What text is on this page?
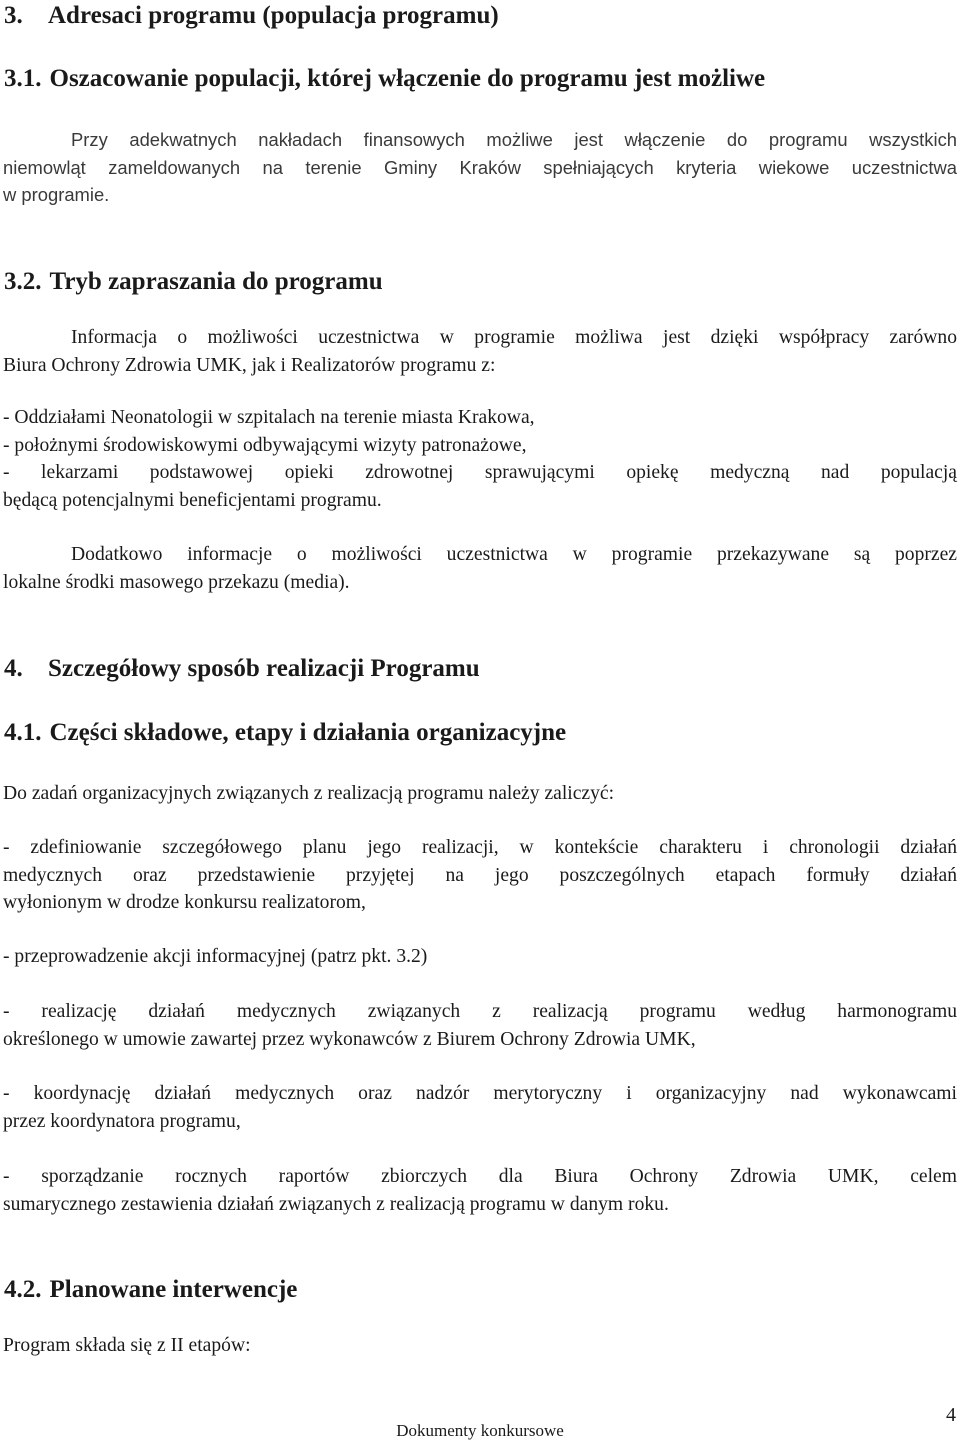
3. Adresaci programu (populacja programu)
3.1. Oszacowanie populacji, której włączenie do programu jest możliwe
Przy adekwatnych nakładach finansowych możliwe jest włączenie do programu wszystkich
niemowląt zameldowanych na terenie Gminy Kraków spełniających kryteria wiekowe uczestnictwa
w programie.
3.2. Tryb zapraszania do programu
Informacja o możliwości uczestnictwa w programie możliwa jest dzięki współpracy zarówno
Biura Ochrony Zdrowia UMK, jak i Realizatorów programu z:
- Oddziałami Neonatologii w szpitalach na terenie miasta Krakowa,
- położnymi środowiskowymi odbywającymi wizyty patronażowe,
- lekarzami podstawowej opieki zdrowotnej sprawującymi opiekę medyczną nad populacją
będącą potencjalnymi beneficjentami programu.
Dodatkowo informacje o możliwości uczestnictwa w programie przekazywane są poprzez
lokalne środki masowego przekazu (media).
4. Szczegółowy sposób realizacji Programu
4.1. Części składowe, etapy i działania organizacyjne
Do zadań organizacyjnych związanych z realizacją programu należy zaliczyć:
- zdefiniowanie szczegółowego planu jego realizacji, w kontekście charakteru i chronologii działań
medycznych oraz przedstawienie przyjętej na jego poszczególnych etapach formuły działań
wyłonionym w drodze konkursu realizatorom,
- przeprowadzenie akcji informacyjnej (patrz pkt. 3.2)
- realizację działań medycznych związanych z realizacją programu według harmonogramu
określonego w umowie zawartej przez wykonawców z Biurem Ochrony Zdrowia UMK,
- koordynację działań medycznych oraz nadzór merytoryczny i organizacyjny nad wykonawcami
przez koordynatora programu,
- sporządzanie rocznych raportów zbiorczych dla Biura Ochrony Zdrowia UMK, celem
sumarycznego zestawienia działań związanych z realizacją programu w danym roku.
4.2. Planowane interwencje
Program składa się z II etapów:

4

Dokumenty konkursowe
